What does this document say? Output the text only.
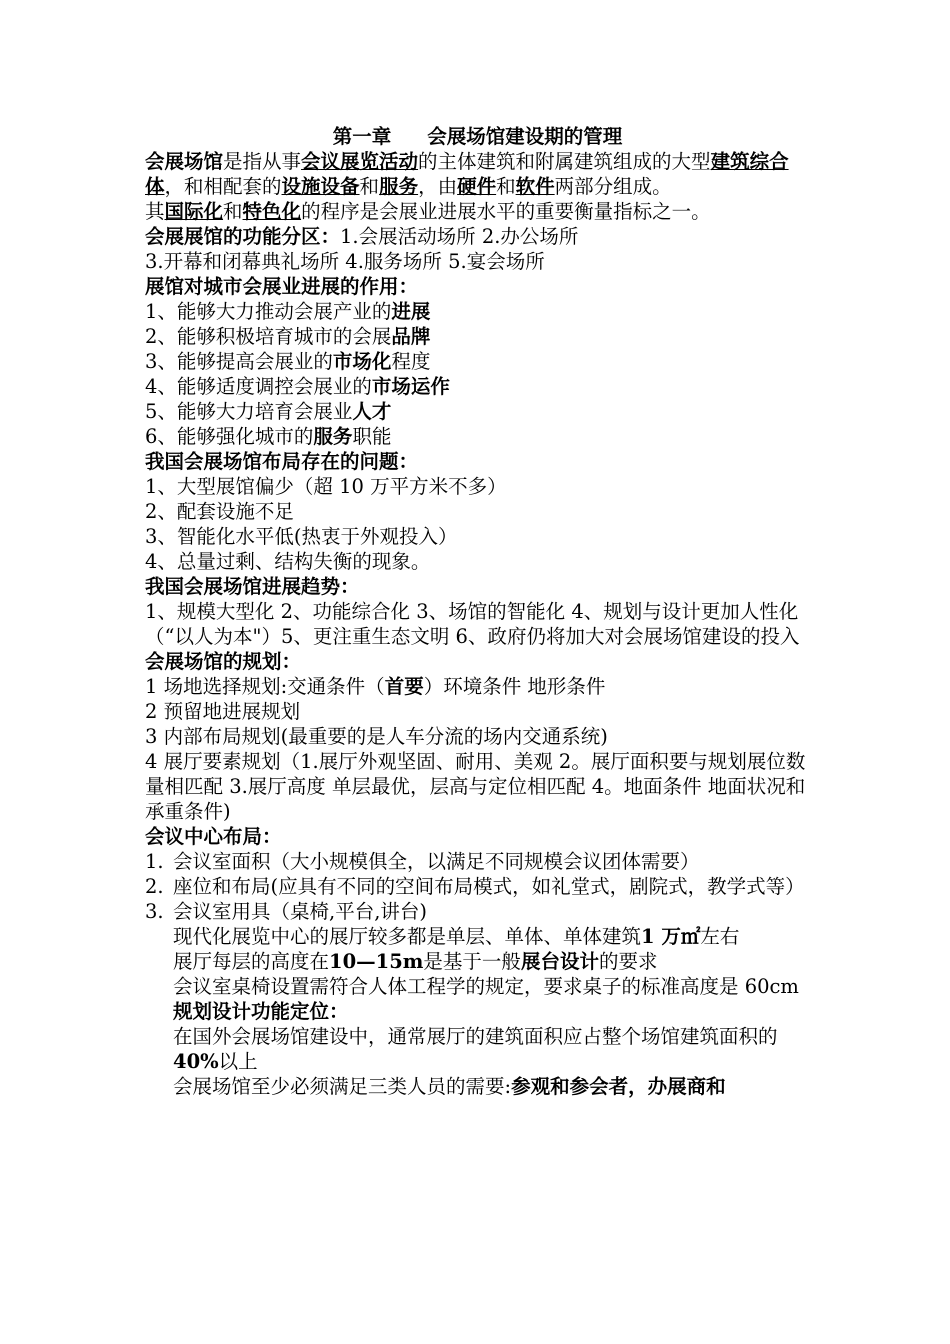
第一章 会展场馆建设期的管理

会展场馆是指从事会议展览活动的主体建筑和附属建筑组成的大型建筑综合体，和相配套的设施设备和服务，由硬件和软件两部分组成。

其国际化和特色化的程序是会展业进展水平的重要衡量指标之一。

会展展馆的功能分区：1.会展活动场所 2.办公场所

3.开幕和闭幕典礼场所 4.服务场所 5.宴会场所

展馆对城市会展业进展的作用：

1、能够大力推动会展产业的进展

2、能够积极培育城市的会展品牌

3、能够提高会展业的市场化程度

4、能够适度调控会展业的市场运作

5、能够大力培育会展业人才

6、能够强化城市的服务职能

我国会展场馆布局存在的问题：

1、大型展馆偏少（超 10 万平方米不多）

2、配套设施不足

3、智能化水平低(热衷于外观投入）

4、总量过剩、结构失衡的现象。

我国会展场馆进展趋势：

1、规模大型化 2、功能综合化 3、场馆的智能化 4、规划与设计更加人性化（“以人为本"）5、更注重生态文明 6、政府仍将加大对会展场馆建设的投入

会展场馆的规划：

1 场地选择规划:交通条件（首要）环境条件 地形条件

2 预留地进展规划

3 内部布局规划(最重要的是人车分流的场内交通系统)

4 展厅要素规划（1.展厅外观坚固、耐用、美观 2。展厅面积要与规划展位数量相匹配 3.展厅高度 单层最优，层高与定位相匹配 4。地面条件 地面状况和承重条件)

会议中心布局：

1. 会议室面积（大小规模俱全，以满足不同规模会议团体需要）

2. 座位和布局(应具有不同的空间布局模式，如礼堂式，剧院式，教学式等）

3. 会议室用具（桌椅,平台,讲台)

现代化展览中心的展厅较多都是单层、单体、单体建筑1 万㎡左右

展厅每层的高度在10—15m是基于一般展台设计的要求

会议室桌椅设置需符合人体工程学的规定，要求桌子的标准高度是 60cm

规划设计功能定位：

在国外会展场馆建设中，通常展厅的建筑面积应占整个场馆建筑面积的40%以上

会展场馆至少必须满足三类人员的需要:参观和参会者，办展商和
